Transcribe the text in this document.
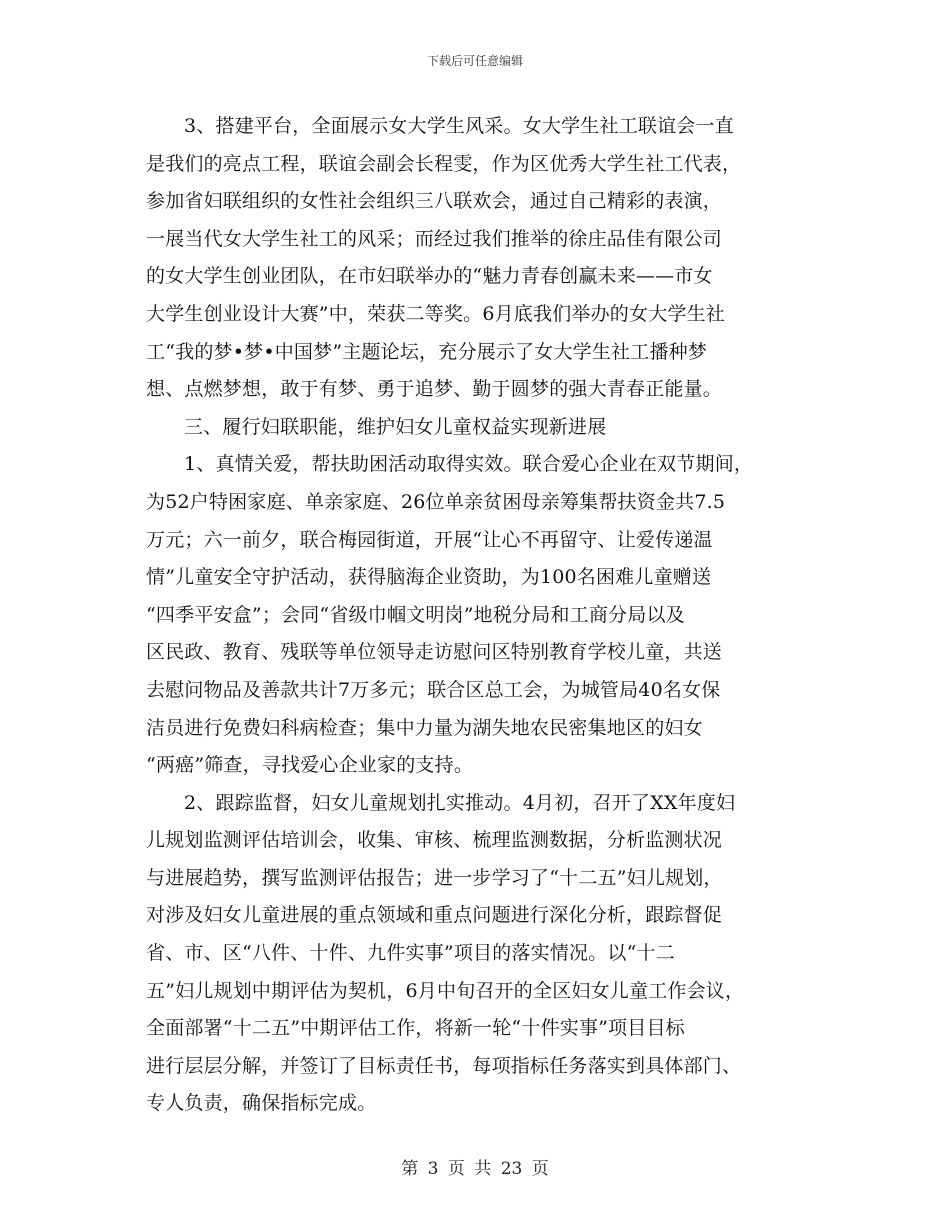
下载后可任意编辑
3、搭建平台，全面展示女大学生风采。女大学生社工联谊会一直
是我们的亮点工程，联谊会副会长程雯，作为区优秀大学生社工代表，
参加省妇联组织的女性社会组织三八联欢会，通过自己精彩的表演，
一展当代女大学生社工的风采；而经过我们推举的徐庄品佳有限公司
的女大学生创业团队，在市妇联举办的“魅力青春创赢未来——市女
大学生创业设计大赛”中，荣获二等奖。6月底我们举办的女大学生社
工“我的梦•梦•中国梦”主题论坛，充分展示了女大学生社工播种梦
想、点燃梦想，敢于有梦、勇于追梦、勤于圆梦的强大青春正能量。
三、履行妇联职能，维护妇女儿童权益实现新进展
1、真情关爱，帮扶助困活动取得实效。联合爱心企业在双节期间，
为52户特困家庭、单亲家庭、26位单亲贫困母亲筹集帮扶资金共7.5
万元；六一前夕，联合梅园街道，开展“让心不再留守、让爱传递温
情”儿童安全守护活动，获得脑海企业资助，为100名困难儿童赠送
“四季平安盒”；会同“省级巾帼文明岗”地税分局和工商分局以及
区民政、教育、残联等单位领导走访慰问区特别教育学校儿童，共送
去慰问物品及善款共计7万多元；联合区总工会，为城管局40名女保
洁员进行免费妇科病检查；集中力量为湖失地农民密集地区的妇女
“两癌”筛查，寻找爱心企业家的支持。
2、跟踪监督，妇女儿童规划扎实推动。4月初，召开了XX年度妇
儿规划监测评估培训会，收集、审核、梳理监测数据，分析监测状况
与进展趋势，撰写监测评估报告；进一步学习了“十二五”妇儿规划，
对涉及妇女儿童进展的重点领域和重点问题进行深化分析，跟踪督促
省、市、区“八件、十件、九件实事”项目的落实情况。以“十二
五”妇儿规划中期评估为契机，6月中旬召开的全区妇女儿童工作会议，
全面部署“十二五”中期评估工作，将新一轮“十件实事”项目目标
进行层层分解，并签订了目标责任书，每项指标任务落实到具体部门、
专人负责，确保指标完成。
第 3 页 共 23 页
